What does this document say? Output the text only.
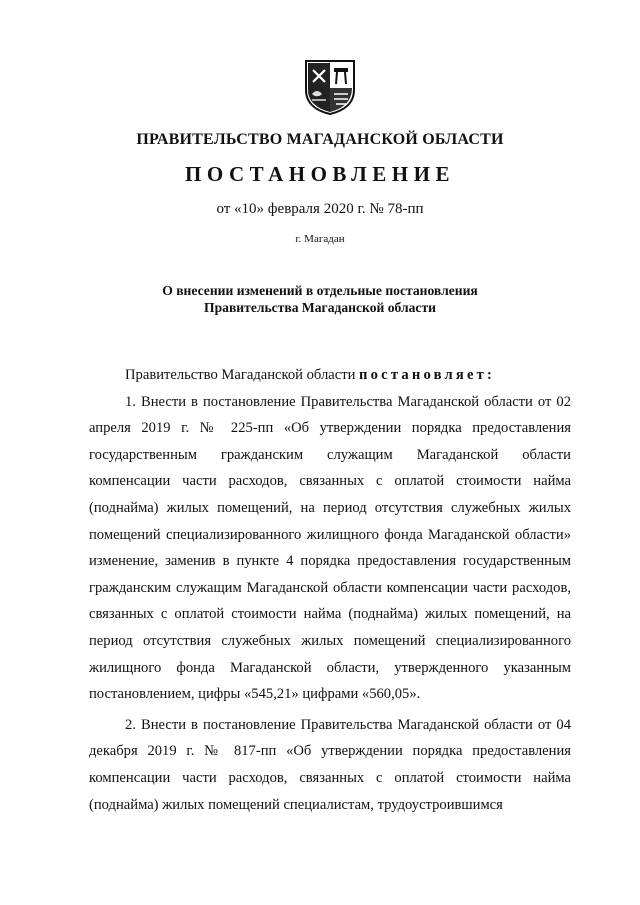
ПРАВИТЕЛЬСТВО МАГАДАНСКОЙ ОБЛАСТИ
ПОСТАНОВЛЕНИЕ
от «10» февраля 2020 г. № 78-пп
г. Магадан
О внесении изменений в отдельные постановления
Правительства Магаданской области

Правительство Магаданской области постановляет:

1. Внести в постановление Правительства Магаданской области от 02 апреля 2019 г. № 225-пп «Об утверждении порядка предоставления государственным гражданским служащим Магаданской области компенсации части расходов, связанных с оплатой стоимости найма (поднайма) жилых помещений, на период отсутствия служебных жилых помещений специализированного жилищного фонда Магаданской области» изменение, заменив в пункте 4 порядка предоставления государственным гражданским служащим Магаданской области компенсации части расходов, связанных с оплатой стоимости найма (поднайма) жилых помещений, на период отсутствия служебных жилых помещений специализированного жилищного фонда Магаданской области, утвержденного указанным постановлением, цифры «545,21» цифрами «560,05».

2. Внести в постановление Правительства Магаданской области от 04 декабря 2019 г. № 817-пп «Об утверждении порядка предоставления компенсации части расходов, связанных с оплатой стоимости найма (поднайма) жилых помещений специалистам, трудоустроившимся
